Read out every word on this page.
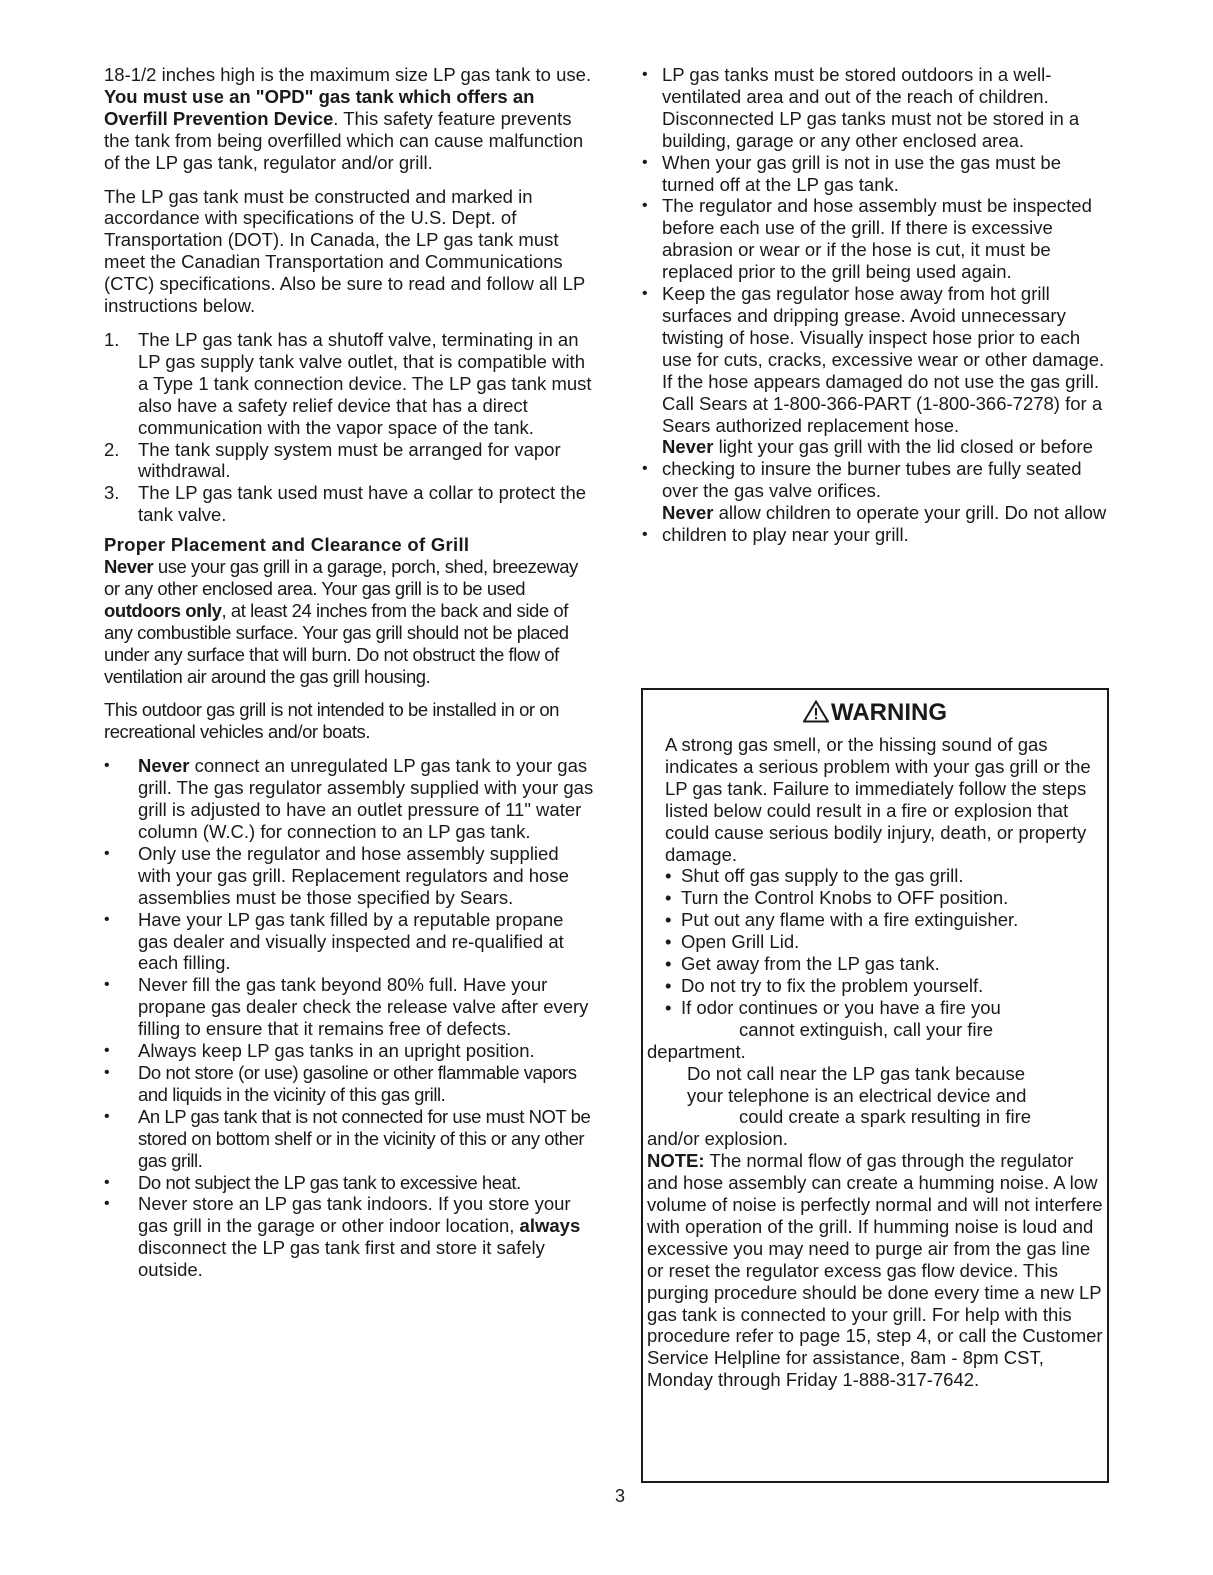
18-1/2 inches high is the maximum size LP gas tank to use. You must use an "OPD" gas tank which offers an Overfill Prevention Device. This safety feature prevents the tank from being overfilled which can cause malfunction of the LP gas tank, regulator and/or grill.

The LP gas tank must be constructed and marked in accordance with specifications of the U.S. Dept. of Transportation (DOT). In Canada, the LP gas tank must meet the Canadian Transportation and Communications (CTC) specifications. Also be sure to read and follow all LP instructions below.

1.	The LP gas tank has a shutoff valve, terminating in an LP gas supply tank valve outlet, that is compatible with a Type 1 tank connection device. The LP gas tank must also have a safety relief device that has a direct communication with the vapor space of the tank.
2.	The tank supply system must be arranged for vapor withdrawal.
3.	The LP gas tank used must have a collar to protect the tank valve.

Proper Placement and Clearance of Grill

Never use your gas grill in a garage, porch, shed, breezeway or any other enclosed area. Your gas grill is to be used outdoors only, at least 24 inches from the back and side of any combustible surface. Your gas grill should not be placed under any surface that will burn. Do not obstruct the flow of ventilation air around the gas grill housing.

This outdoor gas grill is not intended to be installed in or on recreational vehicles and/or boats.

• Never connect an unregulated LP gas tank to your gas grill. The gas regulator assembly supplied with your gas grill is adjusted to have an outlet pressure of 11" water column (W.C.) for connection to an LP gas tank.
• Only use the regulator and hose assembly supplied with your gas grill. Replacement regulators and hose assemblies must be those specified by Sears.
• Have your LP gas tank filled by a reputable propane gas dealer and visually inspected and re-qualified at each filling.
• Never fill the gas tank beyond 80% full. Have your propane gas dealer check the release valve after every filling to ensure that it remains free of defects.
• Always keep LP gas tanks in an upright position.
• Do not store (or use) gasoline or other flammable vapors and liquids in the vicinity of this gas grill.
• An LP gas tank that is not connected for use must NOT be stored on bottom shelf or in the vicinity of this or any other gas grill.
• Do not subject the LP gas tank to excessive heat.
• Never store an LP gas tank indoors. If you store your gas grill in the garage or other indoor location, always disconnect the LP gas tank first and store it safely outside.
• LP gas tanks must be stored outdoors in a well-ventilated area and out of the reach of children. Disconnected LP gas tanks must not be stored in a building, garage or any other enclosed area.
• When your gas grill is not in use the gas must be turned off at the LP gas tank.
• The regulator and hose assembly must be inspected before each use of the grill. If there is excessive abrasion or wear or if the hose is cut, it must be replaced prior to the grill being used again.
• Keep the gas regulator hose away from hot grill surfaces and dripping grease. Avoid unnecessary twisting of hose. Visually inspect hose prior to each use for cuts, cracks, excessive wear or other damage. If the hose appears damaged do not use the gas grill. Call Sears at 1-800-366-PART (1-800-366-7278) for a Sears authorized replacement hose.
•
Never light your gas grill with the lid closed or before checking to insure the burner tubes are fully seated over the gas valve orifices.
•
Never allow children to operate your grill. Do not allow children to play near your grill.

WARNING

A strong gas smell, or the hissing sound of gas indicates a serious problem with your gas grill or the LP gas tank. Failure to immediately follow the steps listed below could result in a fire or explosion that could cause serious bodily injury, death, or property damage.

• Shut off gas supply to the gas grill.
• Turn the Control Knobs to OFF position.
• Put out any flame with a fire extinguisher.
• Open Grill Lid.
• Get away from the LP gas tank.
• Do not try to fix the problem yourself.
• If odor continues or you have a fire you

cannot extinguish, call your fire

department.

Do not call near the LP gas tank because

your telephone is an electrical device and

could create a spark resulting in fire

and/or explosion.

NOTE: The normal flow of gas through the regulator and hose assembly can create a humming noise. A low volume of noise is perfectly normal and will not interfere with operation of the grill. If humming noise is loud and excessive you may need to purge air from the gas line or reset the regulator excess gas flow device. This purging procedure should be done every time a new LP gas tank is connected to your grill. For help with this procedure refer to page 15, step 4, or call the Customer Service Helpline for assistance, 8am - 8pm CST, Monday through Friday 1-888-317-7642.

3
